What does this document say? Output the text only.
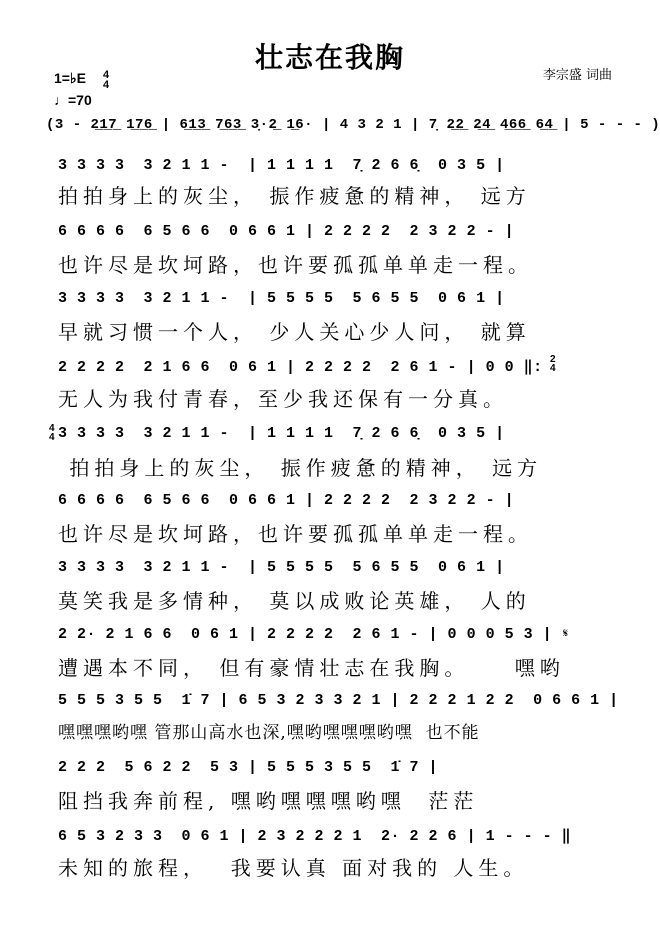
壮志在我胸
李宗盛 词曲
1=♭E
♩=70
4
4
(3 - 2̲1̲7̲ 1̲7̲6̲ | 6̲1̲3̲ 7̲6̲3̲ 3̣·2̲ 1̲6· | 4 3 2 1 | 7̣ 2̲2̲ 2̲4̲ 4̲6̲6̲ 6̲4̲ | 5 - - - )
3 3 3 3  3 2 1 1 -  | 1 1 1 1  7̣ 2 6 6̣  0 3 5 |
拍拍身上的灰尘， 振作疲惫的精神， 远方
6 6 6 6  6 5 6 6  0 6 6 1 | 2 2 2 2  2 3 2 2 - |
也许尽是坎坷路，也许要孤孤单单走一程。
3 3 3 3  3 2 1 1 -  | 5 5 5 5  5 6 5 5  0 6 1 |
早就习惯一个人， 少人关心少人问， 就算
2 2 2 2  2 1 6 6  0 6 1 | 2 2 2 2  2 6 1 - | 0 0 ‖: 2
4
无人为我付青春，至少我还保有一分真。
4
4 3 3 3 3  3 2 1 1 -  | 1 1 1 1  7̣ 2 6 6̣  0 3 5 |
拍拍身上的灰尘， 振作疲惫的精神， 远方
6 6 6 6  6 5 6 6  0 6 6 1 | 2 2 2 2  2 3 2 2 - |
也许尽是坎坷路，也许要孤孤单单走一程。
3 3 3 3  3 2 1 1 -  | 5 5 5 5  5 6 5 5  0 6 1 |
莫笑我是多情种， 莫以成败论英雄， 人的
𝄋
2 2· 2 1 6 6  0 6 1 | 2 2 2 2  2 6 1 - | 0 0 0 5 3 |
遭遇本不同， 但有豪情壮志在我胸。    嘿哟
5 5 5 3 5 5  1̇ 7 | 6 5 3 2 3 3 2 1 | 2 2 2 1 2 2  0 6 6 1 |
嘿嘿嘿哟嘿 管那山高水也深,嘿哟嘿嘿嘿哟嘿  也不能
2 2 2  5 6 2 2  5 3 | 5 5 5 3 5 5  1̇ 7 |
阻挡我奔前程, 嘿哟嘿嘿嘿哟嘿  茫茫
6 5 3 2 3 3  0 6 1 | 2 3 2 2 2 1  2· 2 2 6 | 1 - - - ‖
未知的旅程，  我要认真 面对我的 人生。
